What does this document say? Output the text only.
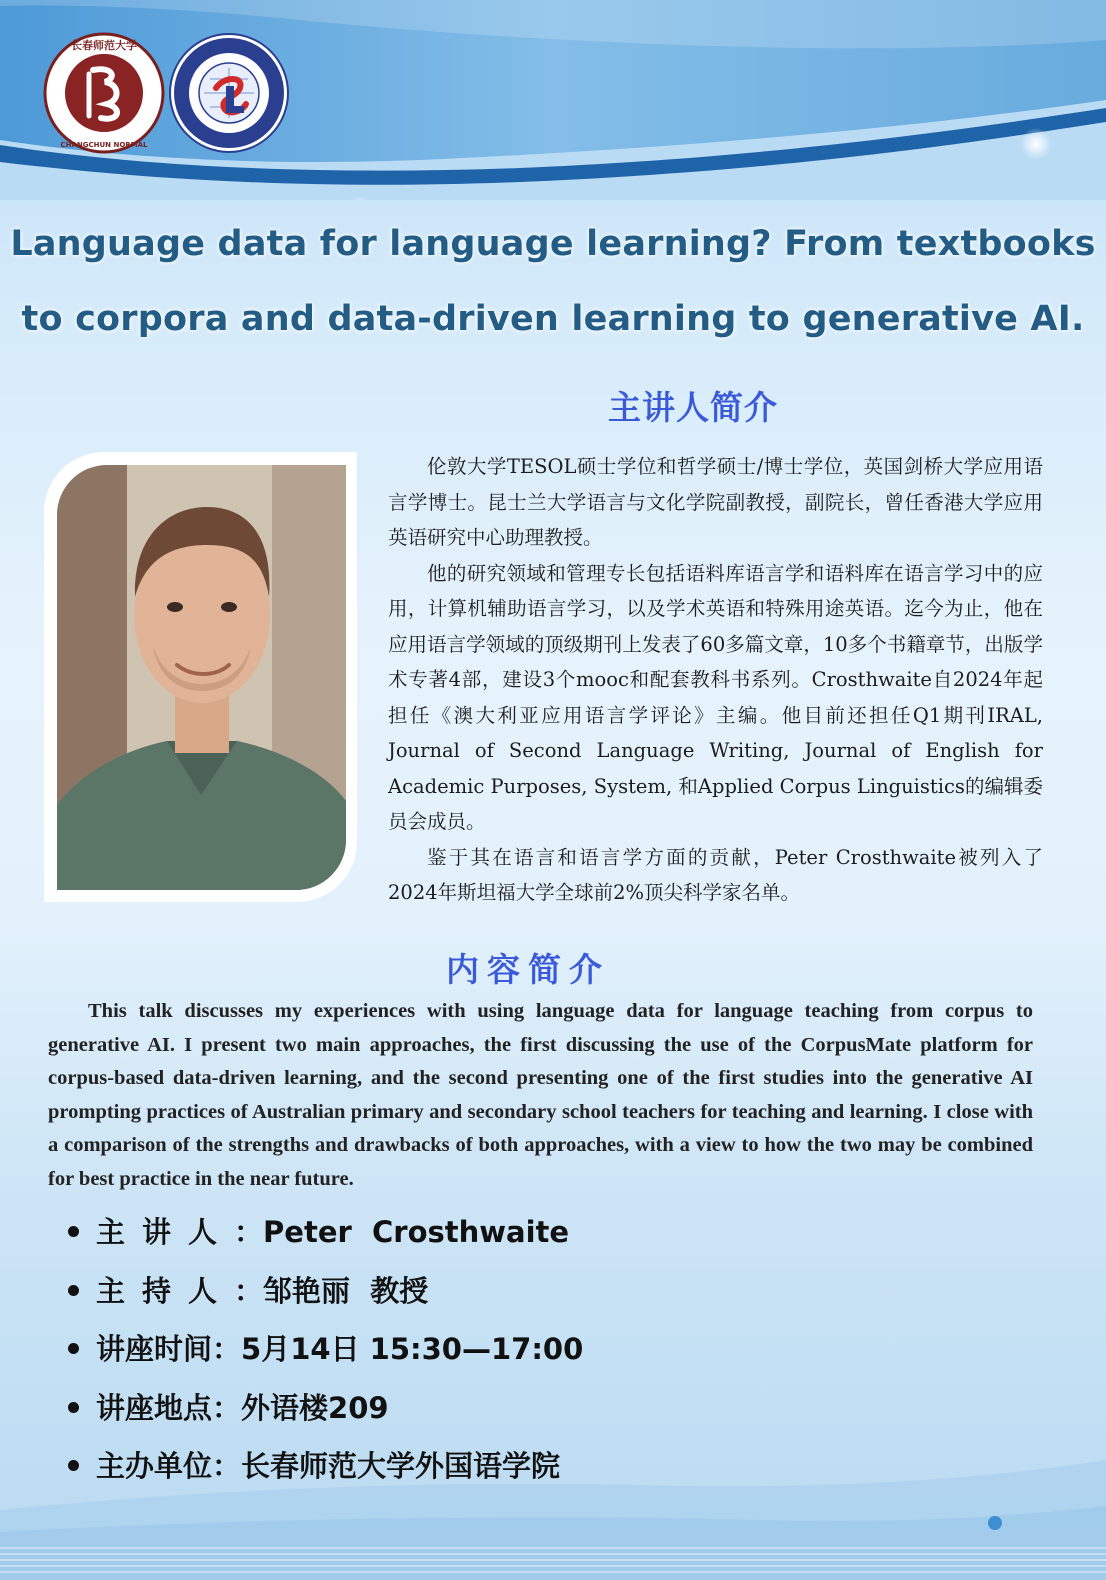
长春师范大学
CHANGCHUN NORMAL
Language data for language learning? From textbooks
to corpora and data-driven learning to generative AI.
主讲人简介

伦敦大学TESOL硕士学位和哲学硕士/博士学位，英国剑桥大学应用语言学博士。昆士兰大学语言与文化学院副教授，副院长，曾任香港大学应用英语研究中心助理教授。

他的研究领域和管理专长包括语料库语言学和语料库在语言学习中的应用，计算机辅助语言学习，以及学术英语和特殊用途英语。迄今为止，他在应用语言学领域的顶级期刊上发表了60多篇文章，10多个书籍章节，出版学术专著4部，建设3个mooc和配套教科书系列。Crosthwaite自2024年起担任《澳大利亚应用语言学评论》主编。他目前还担任Q1期刊IRAL, Journal of Second Language Writing, Journal of English for Academic Purposes, System, 和Applied Corpus Linguistics的编辑委员会成员。

鉴于其在语言和语言学方面的贡献，Peter Crosthwaite被列入了2024年斯坦福大学全球前2%顶尖科学家名单。

内容简介

This talk discusses my experiences with using language data for language teaching from corpus to generative AI. I present two main approaches, the first discussing the use of the CorpusMate platform for corpus-based data-driven learning, and the second presenting one of the first studies into the generative AI prompting practices of Australian primary and secondary school teachers for teaching and learning. I close with a comparison of the strengths and drawbacks of both approaches, with a view to how the two may be combined for best practice in the near future.

主讲人：Peter  Crosthwaite
主持人：邹艳丽  教授
讲座时间：5月14日 15:30—17:00
讲座地点：外语楼209
主办单位：长春师范大学外国语学院
